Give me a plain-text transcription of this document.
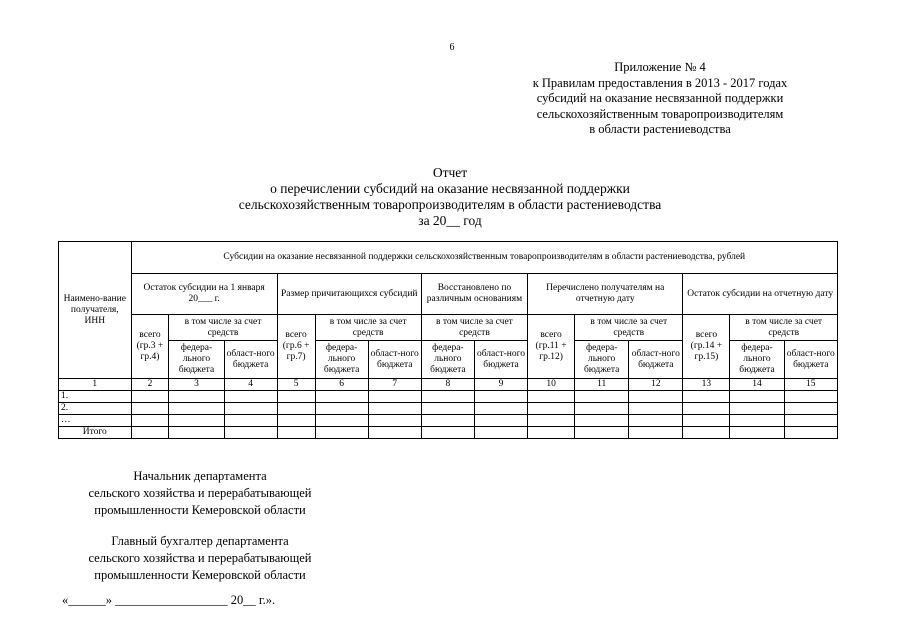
6
Приложение № 4
к Правилам предоставления в 2013 - 2017 годах
субсидий на оказание несвязанной поддержки
сельскохозяйственным товаропроизводителям
в области растениеводства
Отчет
о перечислении субсидий на оказание несвязанной поддержки
сельскохозяйственным товаропроизводителям в области растениеводства
за 20__ год
Наимено-вание получателя, ИНН	Субсидии на оказание несвязанной поддержки сельскохозяйственным товаропроизводителям в области растениеводства, рублей													
	Остаток субсидии на 1 января 20___ г.			Размер причитающихся субсидий			Восстановлено по различным основаниям		Перечислено получателям на отчетную дату			Остаток субсидии на отчетную дату		
	всего (гр.3 + гр.4)	в том числе за счет средств		всего (гр.6 + гр.7)	в том числе за счет средств		в том числе за счет средств		всего (гр.11 + гр.12)	в том числе за счет средств		всего (гр.14 + гр.15)	в том числе за счет средств	
		федера-льного бюджета	област-ного бюджета		федера-льного бюджета	област-ного бюджета	федера-льного бюджета	област-ного бюджета		федера-льного бюджета	област-ного бюджета		федера-льного бюджета	област-ного бюджета
1	2	3	4	5	6	7	8	9	10	11	12	13	14	15
1.														
2.														
…														
Итого														
Начальник департамента
сельского хозяйства и перерабатывающей
промышленности Кемеровской области
Главный бухгалтер департамента
сельского хозяйства и перерабатывающей
промышленности Кемеровской области
«______» __________________ 20__ г.».
